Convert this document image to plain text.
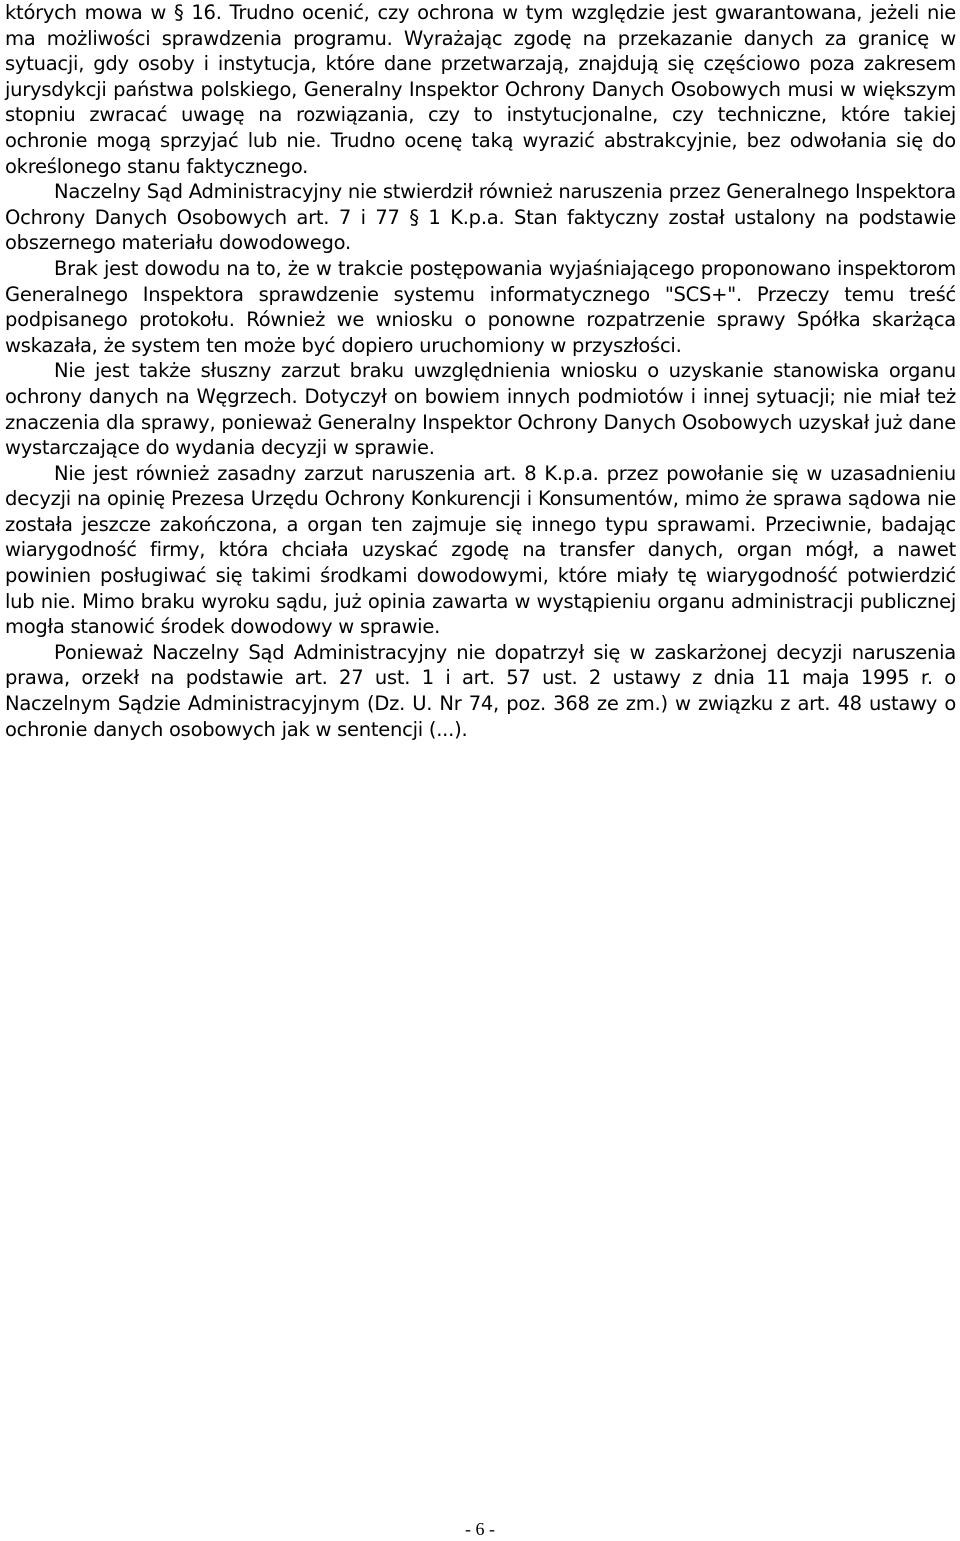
których mowa w § 16. Trudno ocenić, czy ochrona w tym względzie jest gwarantowana, jeżeli nie ma możliwości sprawdzenia programu. Wyrażając zgodę na przekazanie danych za granicę w sytuacji, gdy osoby i instytucja, które dane przetwarzają, znajdują się częściowo poza zakresem jurysdykcji państwa polskiego, Generalny Inspektor Ochrony Danych Osobowych musi w większym stopniu zwracać uwagę na rozwiązania, czy to instytucjonalne, czy techniczne, które takiej ochronie mogą sprzyjać lub nie. Trudno ocenę taką wyrazić abstrakcyjnie, bez odwołania się do określonego stanu faktycznego.

Naczelny Sąd Administracyjny nie stwierdził również naruszenia przez Generalnego Inspektora Ochrony Danych Osobowych art. 7 i 77 § 1 K.p.a. Stan faktyczny został ustalony na podstawie obszernego materiału dowodowego.

Brak jest dowodu na to, że w trakcie postępowania wyjaśniającego proponowano inspektorom Generalnego Inspektora sprawdzenie systemu informatycznego "SCS+". Przeczy temu treść podpisanego protokołu. Również we wniosku o ponowne rozpatrzenie sprawy Spółka skarżąca wskazała, że system ten może być dopiero uruchomiony w przyszłości.

Nie jest także słuszny zarzut braku uwzględnienia wniosku o uzyskanie stanowiska organu ochrony danych na Węgrzech. Dotyczył on bowiem innych podmiotów i innej sytuacji; nie miał też znaczenia dla sprawy, ponieważ Generalny Inspektor Ochrony Danych Osobowych uzyskał już dane wystarczające do wydania decyzji w sprawie.

Nie jest również zasadny zarzut naruszenia art. 8 K.p.a. przez powołanie się w uzasadnieniu decyzji na opinię Prezesa Urzędu Ochrony Konkurencji i Konsumentów, mimo że sprawa sądowa nie została jeszcze zakończona, a organ ten zajmuje się innego typu sprawami. Przeciwnie, badając wiarygodność firmy, która chciała uzyskać zgodę na transfer danych, organ mógł, a nawet powinien posługiwać się takimi środkami dowodowymi, które miały tę wiarygodność potwierdzić lub nie. Mimo braku wyroku sądu, już opinia zawarta w wystąpieniu organu administracji publicznej mogła stanowić środek dowodowy w sprawie.

Ponieważ Naczelny Sąd Administracyjny nie dopatrzył się w zaskarżonej decyzji naruszenia prawa, orzekł na podstawie art. 27 ust. 1 i art. 57 ust. 2 ustawy z dnia 11 maja 1995 r. o Naczelnym Sądzie Administracyjnym (Dz. U. Nr 74, poz. 368 ze zm.) w związku z art. 48 ustawy o ochronie danych osobowych jak w sentencji (...).

- 6 -
